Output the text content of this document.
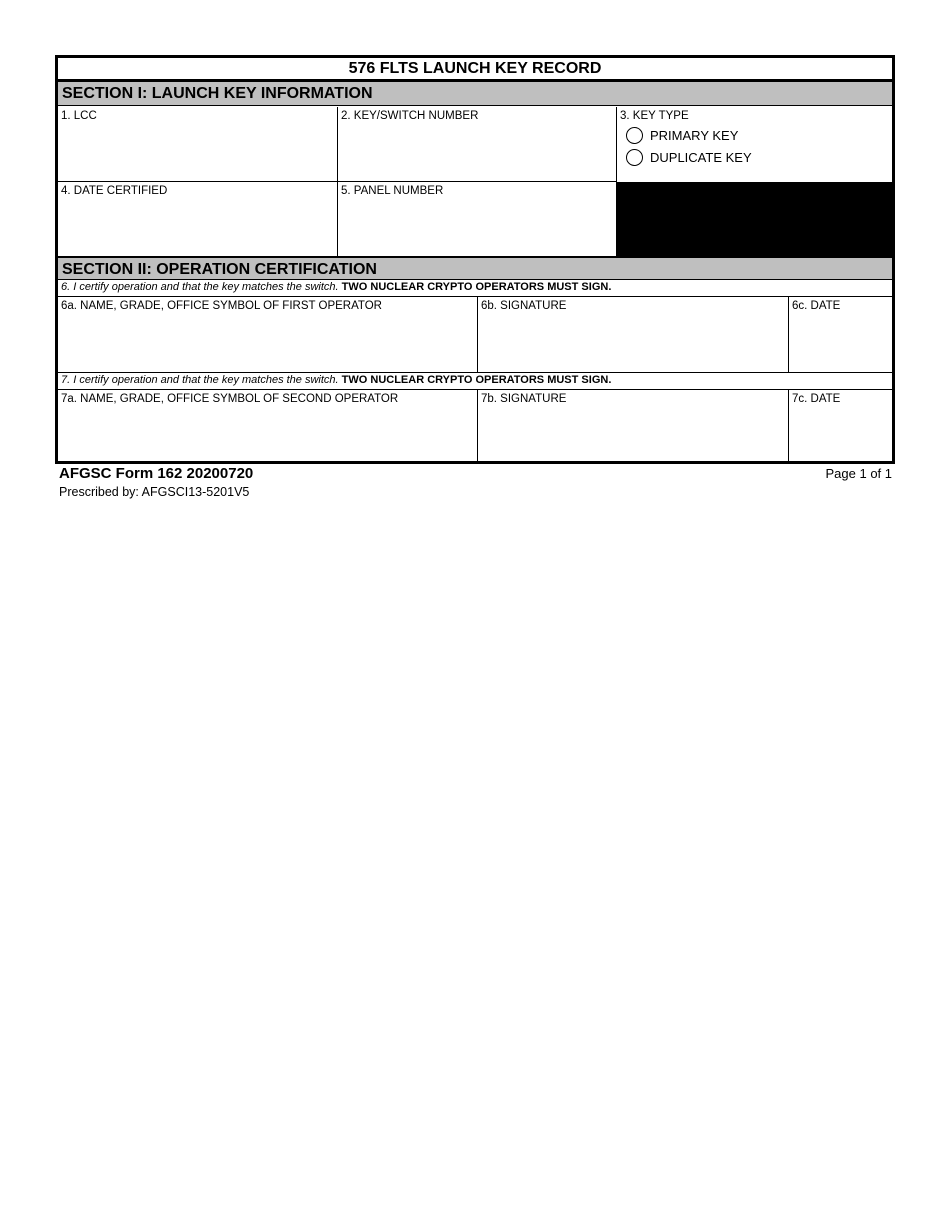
576 FLTS LAUNCH KEY RECORD
SECTION I: LAUNCH KEY INFORMATION
1. LCC	2. KEY/SWITCH NUMBER	3. KEY TYPE
PRIMARY KEY
DUPLICATE KEY
4. DATE CERTIFIED	5. PANEL NUMBER
SECTION II: OPERATION CERTIFICATION
6. I certify operation and that the key matches the switch. TWO NUCLEAR CRYPTO OPERATORS MUST SIGN.
6a. NAME, GRADE, OFFICE SYMBOL OF FIRST OPERATOR	6b. SIGNATURE	6c. DATE
7. I certify operation and that the key matches the switch. TWO NUCLEAR CRYPTO OPERATORS MUST SIGN.
7a. NAME, GRADE, OFFICE SYMBOL OF SECOND OPERATOR	7b. SIGNATURE	7c. DATE
AFGSC Form 162 20200720
Prescribed by: AFGSCI13-5201V5
Page 1 of 1
